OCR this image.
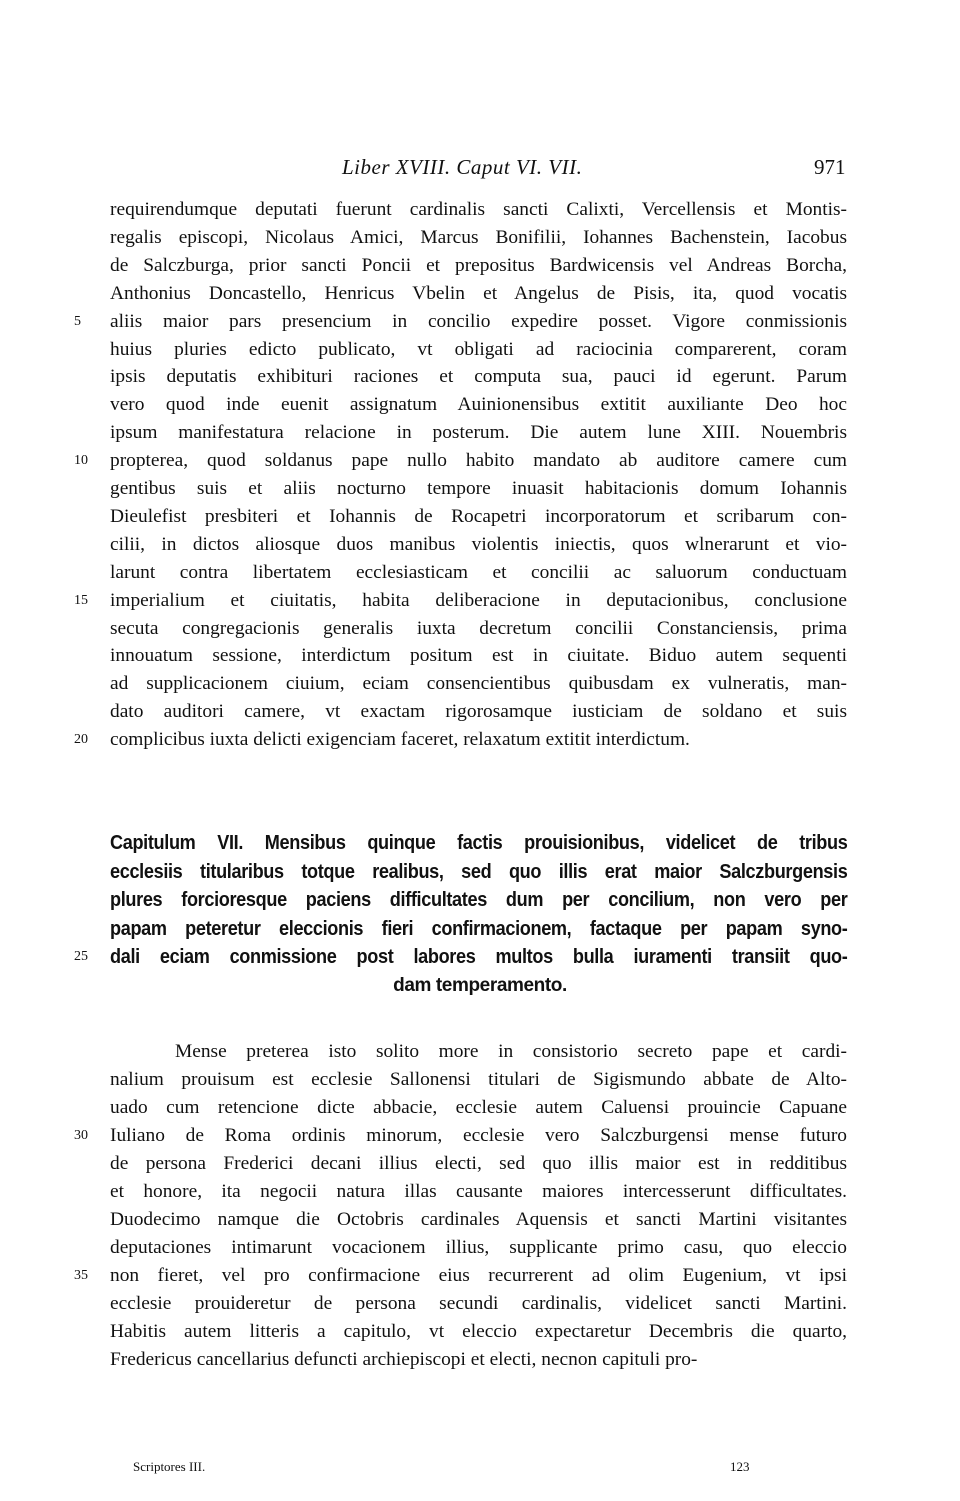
Liber XVIII. Caput VI. VII.	971
requirendumque deputati fuerunt cardinalis sancti Calixti, Vercellensis et Montis-
regalis episcopi, Nicolaus Amici, Marcus Bonifilii, Iohannes Bachenstein, Iacobus
de Salczburga, prior sancti Poncii et prepositus Bardwicensis vel Andreas Borcha,
Anthonius Doncastello, Henricus Vbelin et Angelus de Pisis, ita, quod vocatis
aliis maior pars presencium in concilio expedire posset. Vigore conmissionis
5
huius pluries edicto publicato, vt obligati ad raciocinia comparerent, coram
ipsis deputatis exhibituri raciones et computa sua, pauci id egerunt. Parum
vero quod inde euenit assignatum Auinionensibus extitit auxiliante Deo hoc
ipsum manifestatura relacione in posterum. Die autem lune XIII. Nouembris
propterea, quod soldanus pape nullo habito mandato ab auditore camere cum
10
gentibus suis et aliis nocturno tempore inuasit habitacionis domum Iohannis
Dieulefist presbiteri et Iohannis de Rocapetri incorporatorum et scribarum con-
cilii, in dictos aliosque duos manibus violentis iniectis, quos wlnerarunt et vio-
larunt contra libertatem ecclesiasticam et concilii ac saluorum conductuam
imperialium et ciuitatis, habita deliberacione in deputacionibus, conclusione
15
secuta congregacionis generalis iuxta decretum concilii Constanciensis, prima
innouatum sessione, interdictum positum est in ciuitate. Biduo autem sequenti
ad supplicacionem ciuium, eciam consencientibus quibusdam ex vulneratis, man-
dato auditori camere, vt exactam rigorosamque iusticiam de soldano et suis
complicibus iuxta delicti exigenciam faceret, relaxatum extitit interdictum.
20
Capitulum VII. Mensibus quinque factis prouisionibus, videlicet de tribus
ecclesiis titularibus totque realibus, sed quo illis erat maior Salczburgensis
plures forcioresque paciens difficultates dum per concilium, non vero per
papam peteretur eleccionis fieri confirmacionem, factaque per papam syno-
dali eciam conmissione post labores multos bulla iuramenti transiit quo-
25
dam temperamento.
Mense preterea isto solito more in consistorio secreto pape et cardi-
nalium prouisum est ecclesie Sallonensi titulari de Sigismundo abbate de Alto-
uado cum retencione dicte abbacie, ecclesie autem Caluensi prouincie Capuane
Iuliano de Roma ordinis minorum, ecclesie vero Salczburgensi mense futuro
30
de persona Frederici decani illius electi, sed quo illis maior est in redditibus
et honore, ita negocii natura illas causante maiores intercesserunt difficultates.
Duodecimo namque die Octobris cardinales Aquensis et sancti Martini visitantes
deputaciones intimarunt vocacionem illius, supplicante primo casu, quo eleccio
non fieret, vel pro confirmacione eius recurrerent ad olim Eugenium, vt ipsi
35
ecclesie prouideretur de persona secundi cardinalis, videlicet sancti Martini.
Habitis autem litteris a capitulo, vt eleccio expectaretur Decembris die quarto,
Fredericus cancellarius defuncti archiepiscopi et electi, necnon capituli pro-
Scriptores III.	123
